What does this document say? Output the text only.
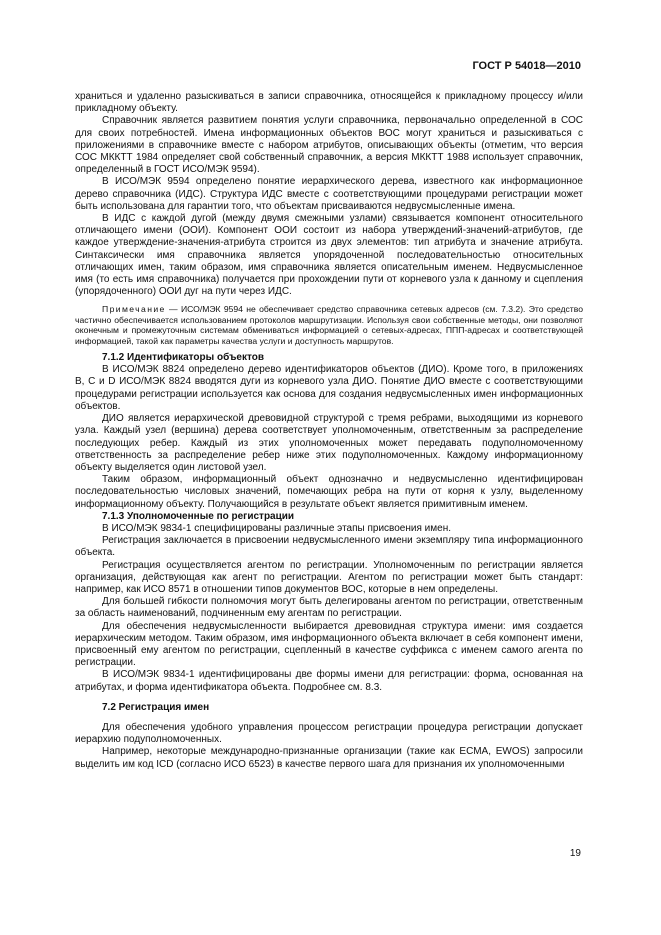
ГОСТ Р 54018—2010

храниться и удаленно разыскиваться в записи справочника, относящейся к прикладному процессу и/или прикладному объекту.

Справочник является развитием понятия услуги справочника, первоначально определенной в СОС для своих потребностей. Имена информационных объектов ВОС могут храниться и разыскиваться с приложениями в справочнике вместе с набором атрибутов, описывающих объекты (отметим, что версия СОС МККТТ 1984 определяет свой собственный справочник, а версия МККТТ 1988 использует справочник, определенный в ГОСТ ИСО/МЭК 9594).

В ИСО/МЭК 9594 определено понятие иерархического дерева, известного как информационное дерево справочника (ИДС). Структура ИДС вместе с соответствующими процедурами регистрации может быть использована для гарантии того, что объектам присваиваются недвусмысленные имена.

В ИДС с каждой дугой (между двумя смежными узлами) связывается компонент относительного отличающего имени (ООИ). Компонент ООИ состоит из набора утверждений-значений-атрибутов, где каждое утверждение-значения-атрибута строится из двух элементов: тип атрибута и значение атрибута. Синтаксически имя справочника является упорядоченной последовательностью относительных отличающих имен, таким образом, имя справочника является описательным именем. Недвусмысленное имя (то есть имя справочника) получается при прохождении пути от корневого узла к данному и сцепления (упорядоченного) ООИ дуг на пути через ИДС.

Примечание — ИСО/МЭК 9594 не обеспечивает средство справочника сетевых адресов (см. 7.3.2). Это средство частично обеспечивается использованием протоколов маршрутизации. Используя свои собственные методы, они позволяют оконечным и промежуточным системам обмениваться информацией о сетевых-адресах, ППП-адресах и соответствующей информацией, такой как параметры качества услуги и доступность маршрутов.

7.1.2 Идентификаторы объектов

В ИСО/МЭК 8824 определено дерево идентификаторов объектов (ДИО). Кроме того, в приложениях В, С и D ИСО/МЭК 8824 вводятся дуги из корневого узла ДИО. Понятие ДИО вместе с соответствующими процедурами регистрации используется как основа для создания недвусмысленных имен информационных объектов.

ДИО является иерархической древовидной структурой с тремя ребрами, выходящими из корневого узла. Каждый узел (вершина) дерева соответствует уполномоченным, ответственным за распределение последующих ребер. Каждый из этих уполномоченных может передавать подуполномоченному ответственность за распределение ребер ниже этих подуполномоченных. Каждому информационному объекту выделяется один листовой узел.

Таким образом, информационный объект однозначно и недвусмысленно идентифицирован последовательностью числовых значений, помечающих ребра на пути от корня к узлу, выделенному информационному объекту. Получающийся в результате объект является примитивным именем.

7.1.3 Уполномоченные по регистрации

В ИСО/МЭК 9834-1 специфицированы различные этапы присвоения имен.

Регистрация заключается в присвоении недвусмысленного имени экземпляру типа информационного объекта.

Регистрация осуществляется агентом по регистрации. Уполномоченным по регистрации является организация, действующая как агент по регистрации. Агентом по регистрации может быть стандарт: например, как ИСО 8571 в отношении типов документов ВОС, которые в нем определены.

Для большей гибкости полномочия могут быть делегированы агентом по регистрации, ответственным за область наименований, подчиненным ему агентам по регистрации.

Для обеспечения недвусмысленности выбирается древовидная структура имени: имя создается иерархическим методом. Таким образом, имя информационного объекта включает в себя компонент имени, присвоенный ему агентом по регистрации, сцепленный в качестве суффикса с именем самого агента по регистрации.

В ИСО/МЭК 9834-1 идентифицированы две формы имени для регистрации: форма, основанная на атрибутах, и форма идентификатора объекта. Подробнее см. 8.3.

7.2 Регистрация имен

Для обеспечения удобного управления процессом регистрации процедура регистрации допускает иерархию подуполномоченных.

Например, некоторые международно-признанные организации (такие как ЕСМА, EWOS) запросили выделить им код ICD (согласно ИСО 6523) в качестве первого шага для признания их уполномоченными

19
